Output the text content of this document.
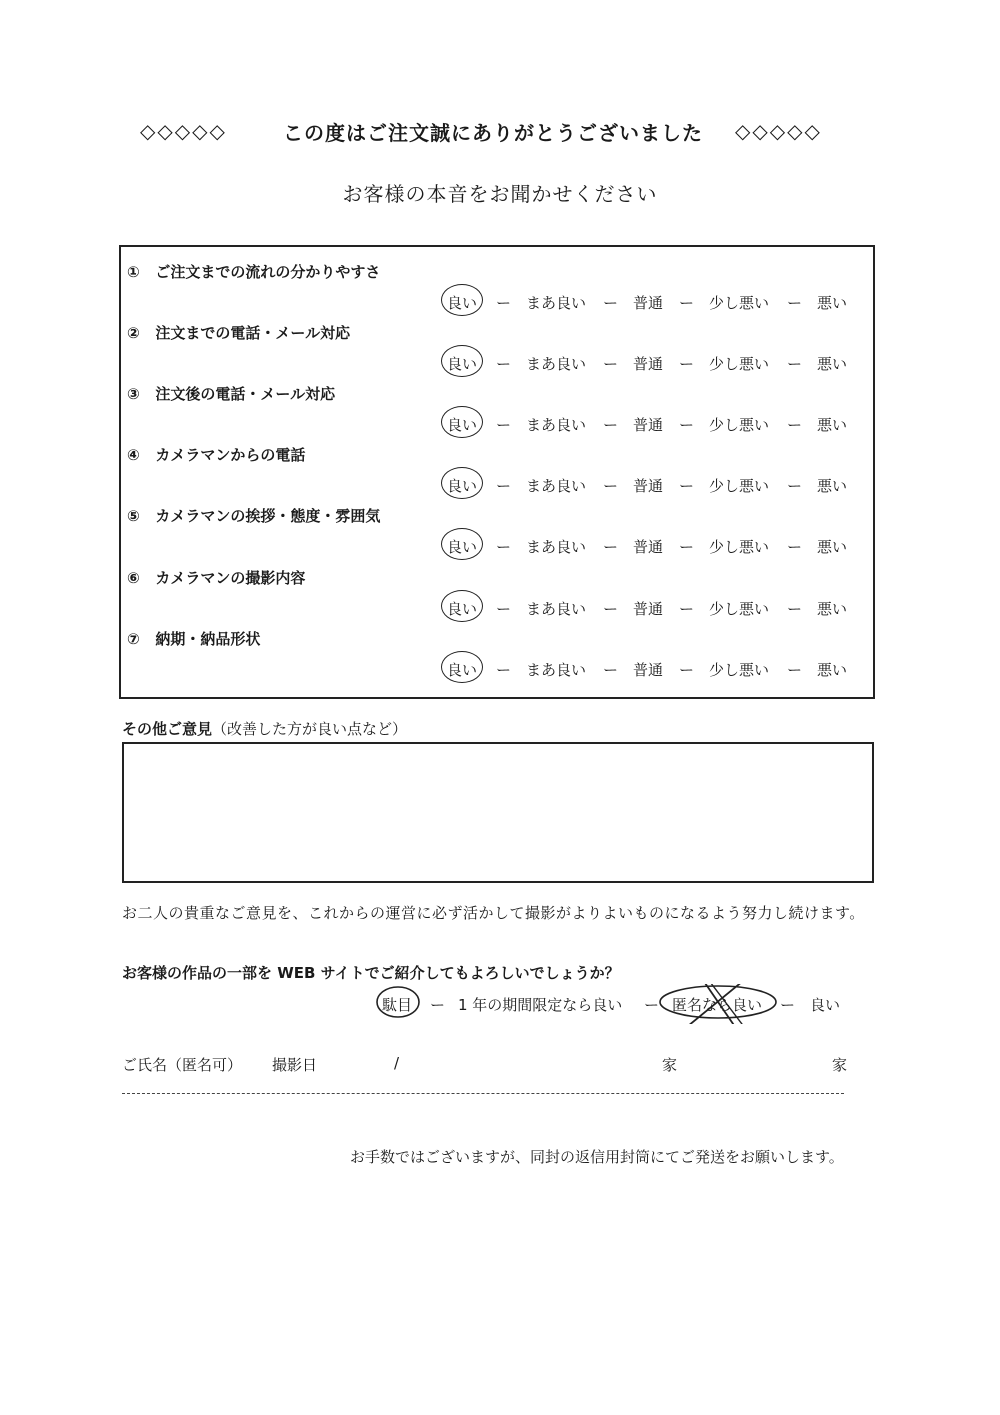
◇◇◇◇◇	この度はご注文誠にありがとうございました ◇◇◇◇◇
お客様の本音をお聞かせください
① ご注文までの流れの分かりやすさ
良い ー まあ良い ー 普通 ー 少し悪い ー 悪い
② 注文までの電話・メール対応
良い ー まあ良い ー 普通 ー 少し悪い ー 悪い
③ 注文後の電話・メール対応
良い ー まあ良い ー 普通 ー 少し悪い ー 悪い
④ カメラマンからの電話
良い ー まあ良い ー 普通 ー 少し悪い ー 悪い
⑤ カメラマンの挨拶・態度・雰囲気
良い ー まあ良い ー 普通 ー 少し悪い ー 悪い
⑥ カメラマンの撮影内容
良い ー まあ良い ー 普通 ー 少し悪い ー 悪い
⑦ 納期・納品形状
良い ー まあ良い ー 普通 ー 少し悪い ー 悪い
その他ご意見（改善した方が良い点など）
お二人の貴重なご意見を、これからの運営に必ず活かして撮影がよりよいものになるよう努力し続けます。
お客様の作品の一部を WEB サイトでご紹介してもよろしいでしょうか？
駄目 ー 1 年の期間限定なら良い ー 匿名なら良い ー 良い
ご氏名（匿名可） 撮影日	/	家	家
お手数ではございますが、同封の返信用封筒にてご発送をお願いします。
